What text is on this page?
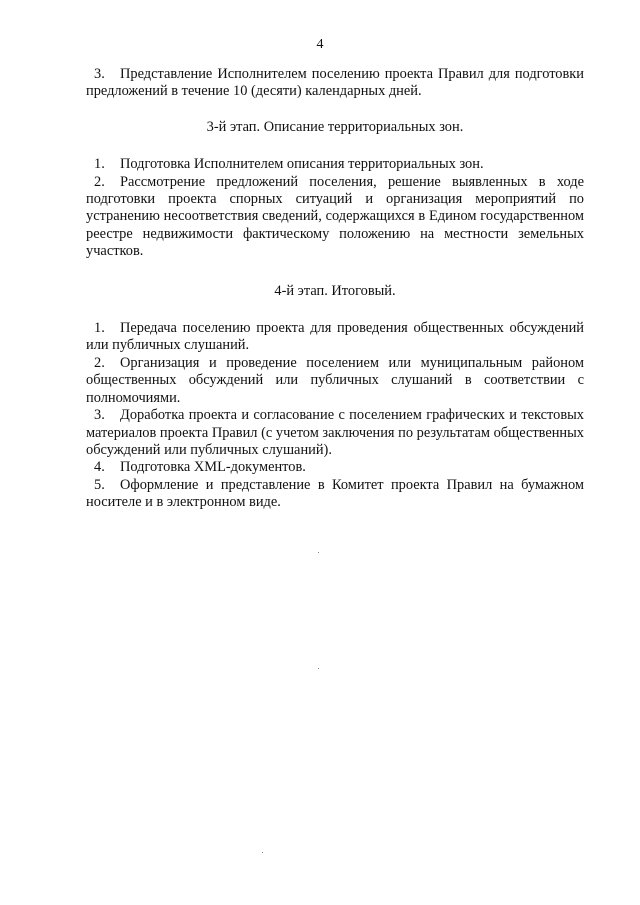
4

3. Представление Исполнителем поселению проекта Правил для подготовки предложений в течение 10 (десяти) календарных дней.

3-й этап. Описание территориальных зон.

1. Подготовка Исполнителем описания территориальных зон.

2. Рассмотрение предложений поселения, решение выявленных в ходе подготовки проекта спорных ситуаций и организация мероприятий по устранению несоответствия сведений, содержащихся в Едином государственном реестре недвижимости фактическому положению на местности земельных участков.

4-й этап. Итоговый.

1. Передача поселению проекта для проведения общественных обсуждений или публичных слушаний.

2. Организация и проведение поселением или муниципальным районом общественных обсуждений или публичных слушаний в соответствии с полномочиями.

3. Доработка проекта и согласование с поселением графических и текстовых материалов проекта Правил (с учетом заключения по результатам общественных обсуждений или публичных слушаний).

4. Подготовка XML-документов.

5. Оформление и представление в Комитет проекта Правил на бумажном носителе и в электронном виде.
